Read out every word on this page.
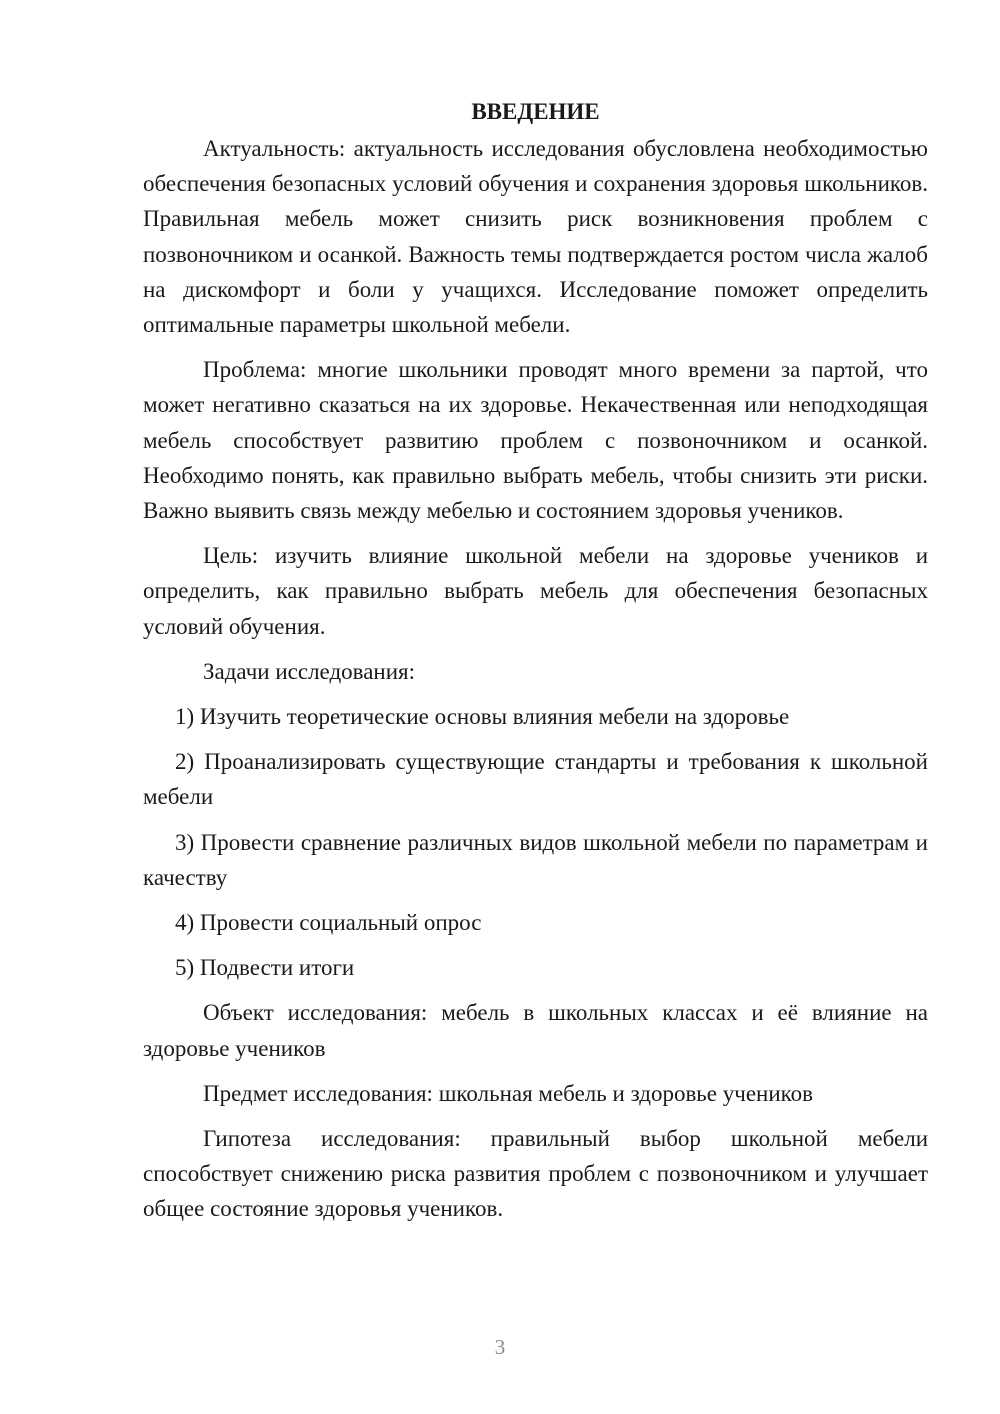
ВВЕДЕНИЕ

Актуальность: актуальность исследования обусловлена необходимостью обеспечения безопасных условий обучения и сохранения здоровья школьников. Правильная мебель может снизить риск возникновения проблем с позвоночником и осанкой. Важность темы подтверждается ростом числа жалоб на дискомфорт и боли у учащихся. Исследование поможет определить оптимальные параметры школьной мебели.

Проблема: многие школьники проводят много времени за партой, что может негативно сказаться на их здоровье. Некачественная или неподходящая мебель способствует развитию проблем с позвоночником и осанкой. Необходимо понять, как правильно выбрать мебель, чтобы снизить эти риски. Важно выявить связь между мебелью и состоянием здоровья учеников.

Цель: изучить влияние школьной мебели на здоровье учеников и определить, как правильно выбрать мебель для обеспечения безопасных условий обучения.

Задачи исследования:

1) Изучить теоретические основы влияния мебели на здоровье

2) Проанализировать существующие стандарты и требования к школьной мебели

3) Провести сравнение различных видов школьной мебели по параметрам и качеству

4) Провести социальный опрос

5) Подвести итоги

Объект исследования: мебель в школьных классах и её влияние на здоровье учеников

Предмет исследования: школьная мебель и здоровье учеников

Гипотеза исследования: правильный выбор школьной мебели способствует снижению риска развития проблем с позвоночником и улучшает общее состояние здоровья учеников.

3
